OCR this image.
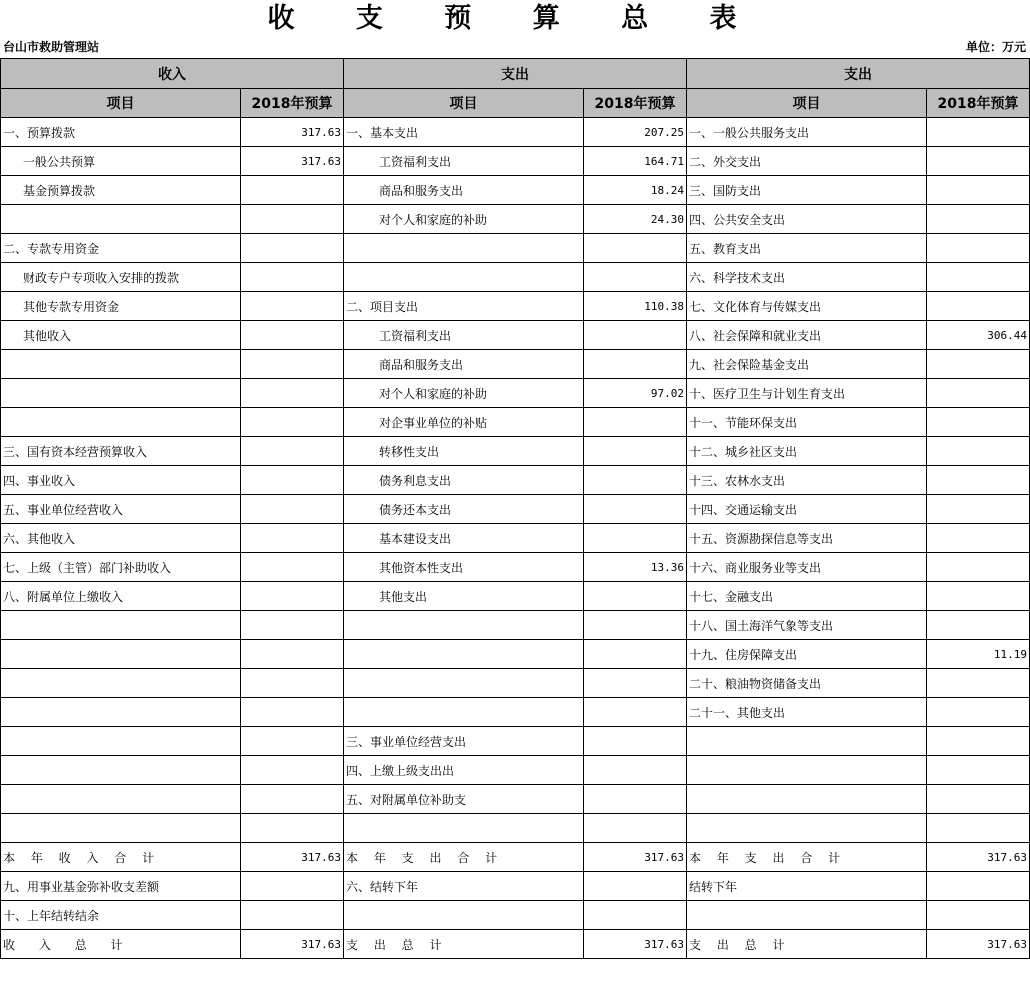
收 支 预 算 总 表
台山市救助管理站	单位：万元
收入		支出		支出	
项目	2018年预算	项目	2018年预算	项目	2018年预算
一、预算拨款	317.63	一、基本支出	207.25	一、一般公共服务支出	
一般公共预算	317.63	工资福利支出	164.71	二、外交支出	
基金预算拨款		商品和服务支出	18.24	三、国防支出	
		对个人和家庭的补助	24.30	四、公共安全支出	
二、专款专用资金				五、教育支出	
财政专户专项收入安排的拨款				六、科学技术支出	
其他专款专用资金		二、项目支出	110.38	七、文化体育与传媒支出	
其他收入		工资福利支出		八、社会保障和就业支出	306.44
		商品和服务支出		九、社会保险基金支出	
		对个人和家庭的补助	97.02	十、医疗卫生与计划生育支出	
		对企事业单位的补贴		十一、节能环保支出	
三、国有资本经营预算收入		转移性支出		十二、城乡社区支出	
四、事业收入		债务利息支出		十三、农林水支出	
五、事业单位经营收入		债务还本支出		十四、交通运输支出	
六、其他收入		基本建设支出		十五、资源勘探信息等支出	
七、上级（主管）部门补助收入		其他资本性支出	13.36	十六、商业服务业等支出	
八、附属单位上缴收入		其他支出		十七、金融支出	
				十八、国土海洋气象等支出	
				十九、住房保障支出	11.19
				二十、粮油物资储备支出	
				二十一、其他支出	
		三、事业单位经营支出			
		四、上缴上级支出出			
		五、对附属单位补助支			

本 年 收 入 合 计	317.63	本 年 支 出 合 计	317.63	本 年 支 出 合 计	317.63
九、用事业基金弥补收支差额		六、结转下年		结转下年	
十、上年结转结余					
收 入 总 计	317.63	支 出 总 计	317.63	支 出 总 计	317.63
